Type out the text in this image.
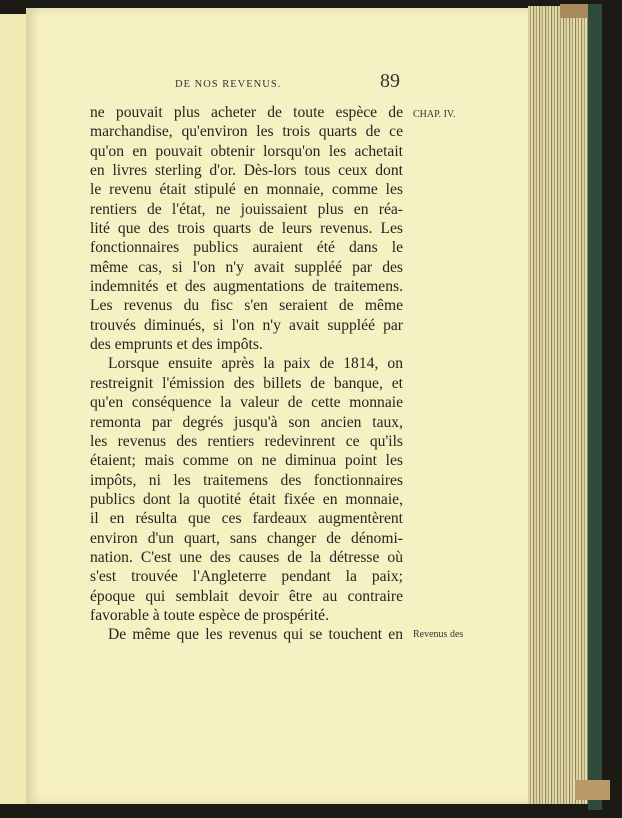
DE NOS REVENUS.	89
CHAP. IV.
Revenus des
ne pouvait plus acheter de toute espèce de
marchandise, qu'environ les trois quarts de ce
qu'on en pouvait obtenir lorsqu'on les achetait
en livres sterling d'or. Dès-lors tous ceux dont
le revenu était stipulé en monnaie, comme les
rentiers de l'état, ne jouissaient plus en réa-
lité que des trois quarts de leurs revenus. Les
fonctionnaires publics auraient été dans le
même cas, si l'on n'y avait suppléé par des
indemnités et des augmentations de traitemens.
Les revenus du fisc s'en seraient de même
trouvés diminués, si l'on n'y avait suppléé par
des emprunts et des impôts.
Lorsque ensuite après la paix de 1814, on
restreignit l'émission des billets de banque, et
qu'en conséquence la valeur de cette monnaie
remonta par degrés jusqu'à son ancien taux,
les revenus des rentiers redevinrent ce qu'ils
étaient; mais comme on ne diminua point les
impôts, ni les traitemens des fonctionnaires
publics dont la quotité était fixée en monnaie,
il en résulta que ces fardeaux augmentèrent
environ d'un quart, sans changer de dénomi-
nation. C'est une des causes de la détresse où
s'est trouvée l'Angleterre pendant la paix;
époque qui semblait devoir être au contraire
favorable à toute espèce de prospérité.
De même que les revenus qui se touchent en
